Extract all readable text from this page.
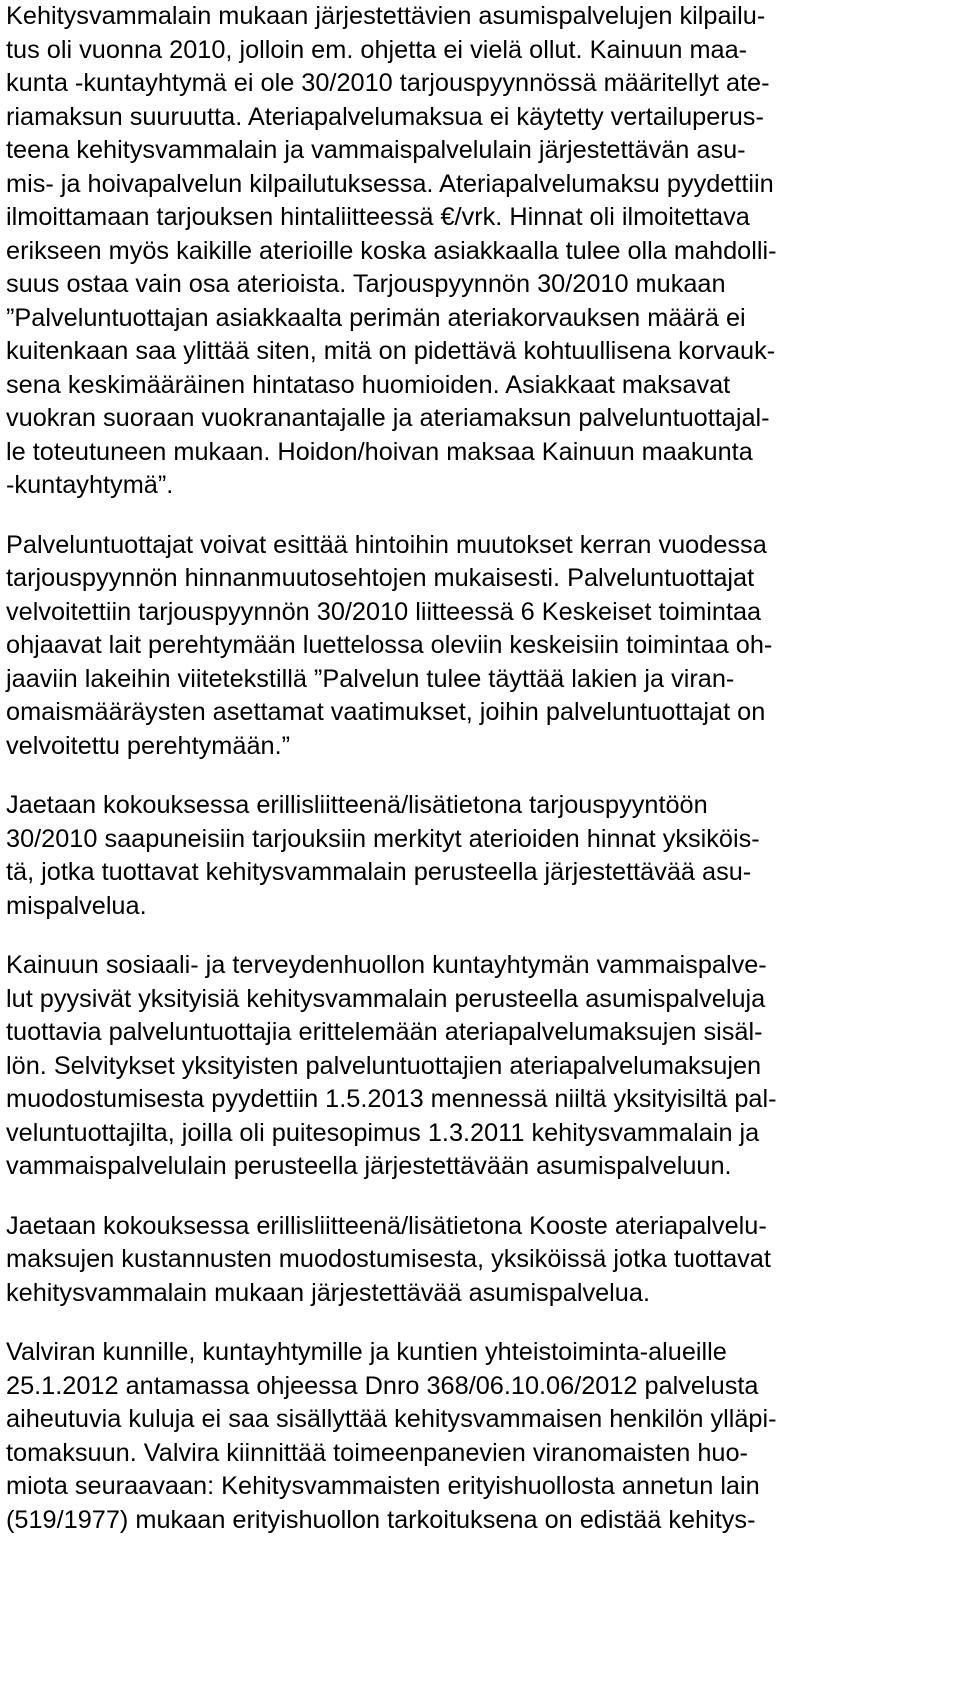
Kehitysvammalain mukaan järjestettävien asumispalvelujen kilpailu-
tus oli vuonna 2010, jolloin em. ohjetta ei vielä ollut. Kainuun maa-
kunta -kuntayhtymä ei ole 30/2010 tarjouspyynnössä määritellyt ate-
riamaksun suuruutta. Ateriapalvelumaksua ei käytetty vertailuperus-
teena kehitysvammalain ja vammaispalvelulain järjestettävän asu-
mis- ja hoivapalvelun kilpailutuksessa. Ateriapalvelumaksu pyydettiin
ilmoittamaan tarjouksen hintaliitteessä €/vrk. Hinnat oli ilmoitettava
erikseen myös kaikille aterioille koska asiakkaalla tulee olla mahdolli-
suus ostaa vain osa aterioista. Tarjouspyynnön 30/2010 mukaan
”Palveluntuottajan asiakkaalta perimän ateriakorvauksen määrä ei
kuitenkaan saa ylittää siten, mitä on pidettävä kohtuullisena korvauk-
sena keskimääräinen hintataso huomioiden. Asiakkaat maksavat
vuokran suoraan vuokranantajalle ja ateriamaksun palveluntuottajal-
le toteutuneen mukaan. Hoidon/hoivan maksaa Kainuun maakunta
-kuntayhtymä”.
Palveluntuottajat voivat esittää hintoihin muutokset kerran vuodessa
tarjouspyynnön hinnanmuutosehtojen mukaisesti. Palveluntuottajat
velvoitettiin tarjouspyynnön 30/2010 liitteessä 6 Keskeiset toimintaa
ohjaavat lait perehtymään luettelossa oleviin keskeisiin toimintaa oh-
jaaviin lakeihin viitetekstillä ”Palvelun tulee täyttää lakien ja viran-
omaismääräysten asettamat vaatimukset, joihin palveluntuottajat on
velvoitettu perehtymään.”
Jaetaan kokouksessa erillisliitteenä/lisätietona tarjouspyyntöön
30/2010 saapuneisiin tarjouksiin merkityt aterioiden hinnat yksiköis-
tä, jotka tuottavat kehitysvammalain perusteella järjestettävää asu-
mispalvelua.
Kainuun sosiaali- ja terveydenhuollon kuntayhtymän vammaispalve-
lut pyysivät yksityisiä kehitysvammalain perusteella asumispalveluja
tuottavia palveluntuottajia erittelemään ateriapalvelumaksujen sisäl-
lön. Selvitykset yksityisten palveluntuottajien ateriapalvelumaksujen
muodostumisesta pyydettiin 1.5.2013 mennessä niiltä yksityisiltä pal-
veluntuottajilta, joilla oli puitesopimus 1.3.2011 kehitysvammalain ja
vammaispalvelulain perusteella järjestettävään asumispalveluun.
Jaetaan kokouksessa erillisliitteenä/lisätietona Kooste ateriapalvelu-
maksujen kustannusten muodostumisesta, yksiköissä jotka tuottavat
kehitysvammalain mukaan järjestettävää asumispalvelua.
Valviran kunnille, kuntayhtymille ja kuntien yhteistoiminta-alueille
25.1.2012 antamassa ohjeessa Dnro 368/06.10.06/2012 palvelusta
aiheutuvia kuluja ei saa sisällyttää kehitysvammaisen henkilön ylläpi-
tomaksuun. Valvira kiinnittää toimeenpanevien viranomaisten huo-
miota seuraavaan: Kehitysvammaisten erityishuollosta annetun lain
(519/1977) mukaan erityishuollon tarkoituksena on edistää kehitys-
